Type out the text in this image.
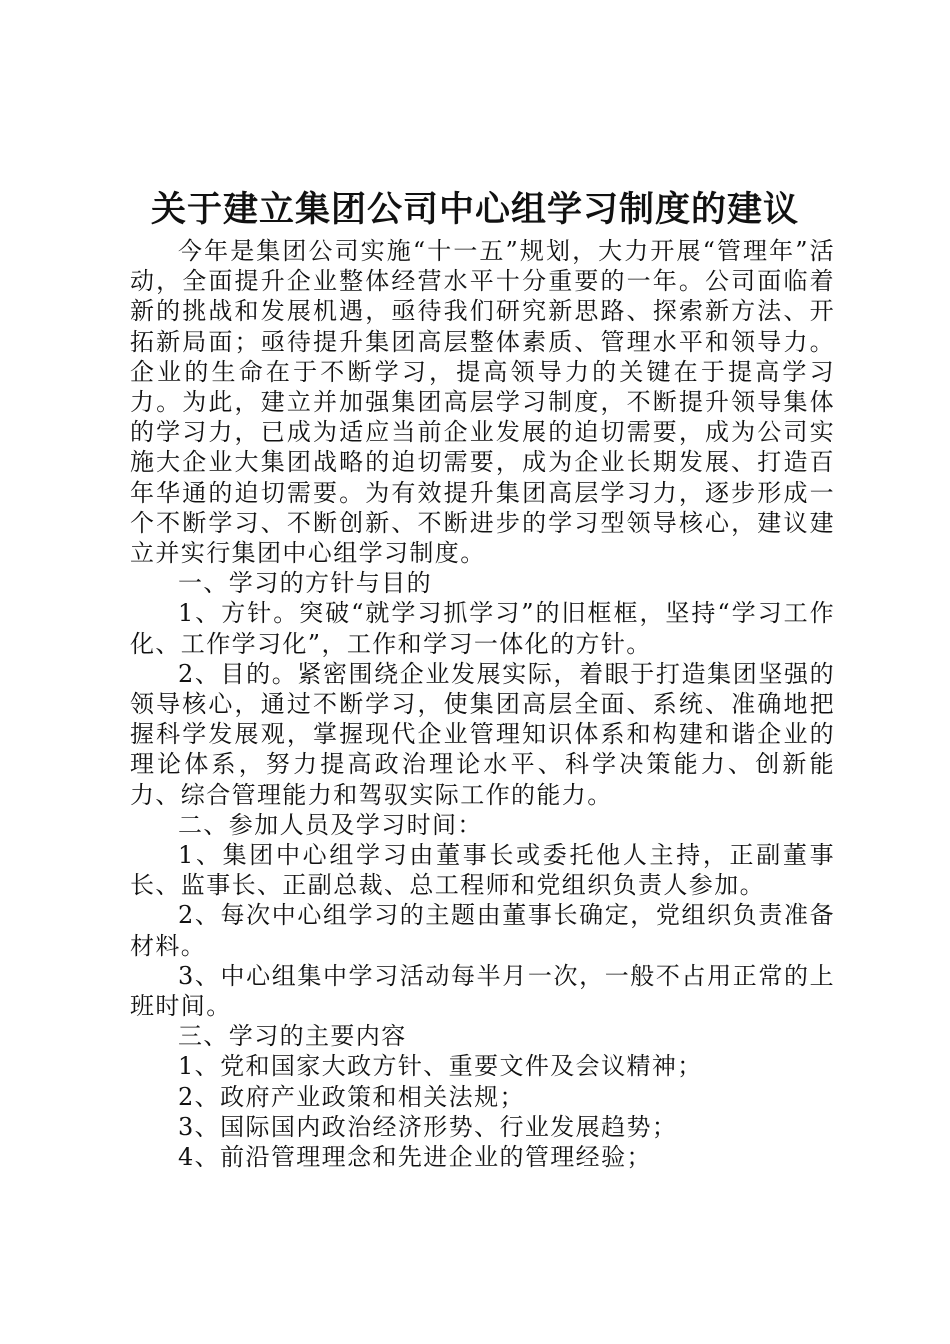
关于建立集团公司中心组学习制度的建议

今年是集团公司实施“十一五”规划，大力开展“管理年”活动，全面提升企业整体经营水平十分重要的一年。公司面临着新的挑战和发展机遇，亟待我们研究新思路、探索新方法、开拓新局面；亟待提升集团高层整体素质、管理水平和领导力。企业的生命在于不断学习，提高领导力的关键在于提高学习力。为此，建立并加强集团高层学习制度，不断提升领导集体的学习力，已成为适应当前企业发展的迫切需要，成为公司实施大企业大集团战略的迫切需要，成为企业长期发展、打造百年华通的迫切需要。为有效提升集团高层学习力，逐步形成一个不断学习、不断创新、不断进步的学习型领导核心，建议建立并实行集团中心组学习制度。

一、学习的方针与目的

1、方针。突破“就学习抓学习”的旧框框，坚持“学习工作化、工作学习化”，工作和学习一体化的方针。

2、目的。紧密围绕企业发展实际，着眼于打造集团坚强的领导核心，通过不断学习，使集团高层全面、系统、准确地把握科学发展观，掌握现代企业管理知识体系和构建和谐企业的理论体系，努力提高政治理论水平、科学决策能力、创新能力、综合管理能力和驾驭实际工作的能力。

二、参加人员及学习时间：

1、集团中心组学习由董事长或委托他人主持，正副董事长、监事长、正副总裁、总工程师和党组织负责人参加。

2、每次中心组学习的主题由董事长确定，党组织负责准备材料。

3、中心组集中学习活动每半月一次，一般不占用正常的上班时间。

三、学习的主要内容

1、党和国家大政方针、重要文件及会议精神；

2、政府产业政策和相关法规；

3、国际国内政治经济形势、行业发展趋势；

4、前沿管理理念和先进企业的管理经验；
